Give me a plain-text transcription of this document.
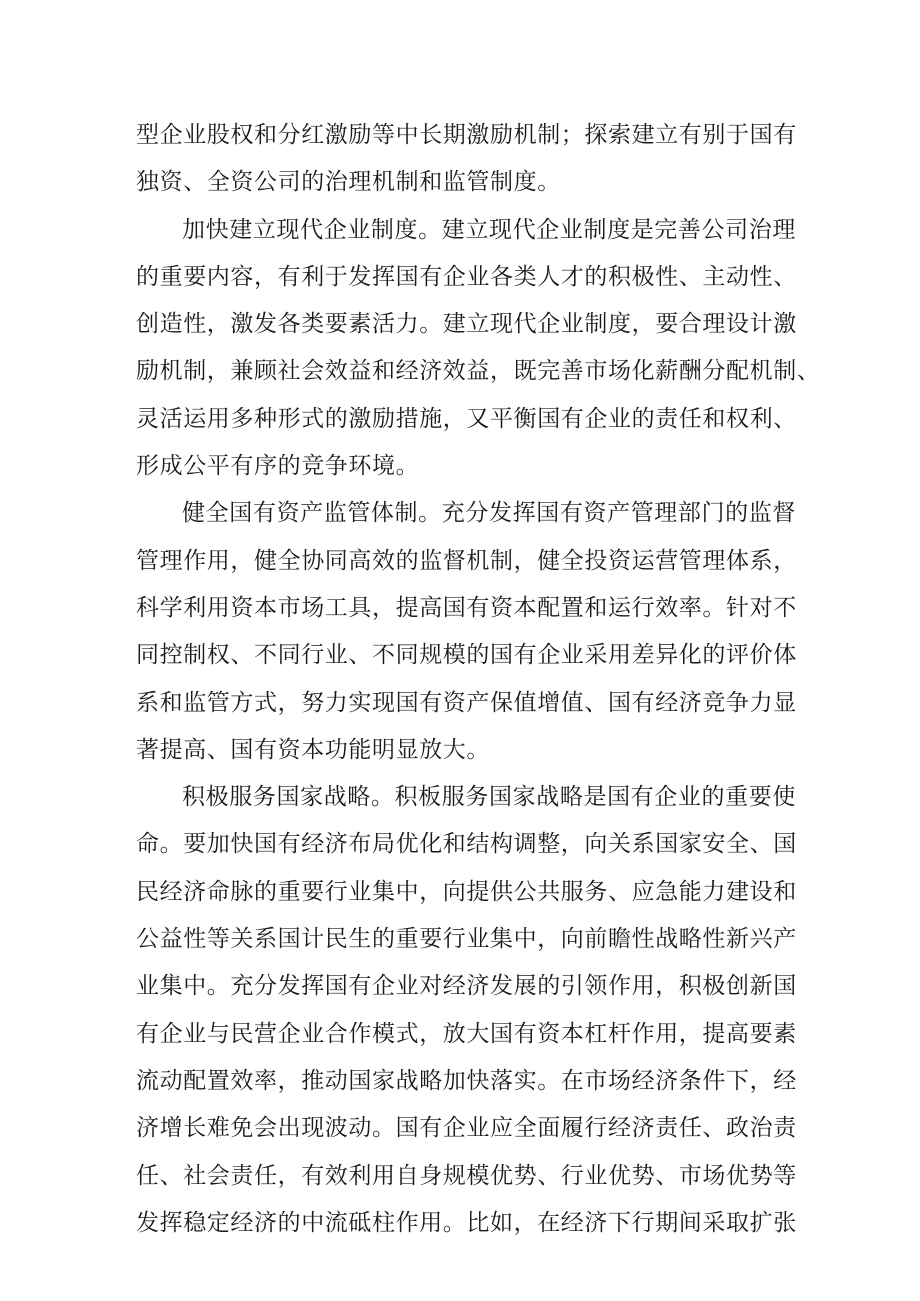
型企业股权和分红激励等中长期激励机制；探索建立有别于国有
独资、全资公司的治理机制和监管制度。
加快建立现代企业制度。建立现代企业制度是完善公司治理
的重要内容，有利于发挥国有企业各类人才的积极性、主动性、
创造性，激发各类要素活力。建立现代企业制度，要合理设计激
励机制，兼顾社会效益和经济效益，既完善市场化薪酬分配机制、
灵活运用多种形式的激励措施，又平衡国有企业的责任和权利、
形成公平有序的竞争环境。
健全国有资产监管体制。充分发挥国有资产管理部门的监督
管理作用，健全协同高效的监督机制，健全投资运营管理体系，
科学利用资本市场工具，提高国有资本配置和运行效率。针对不
同控制权、不同行业、不同规模的国有企业采用差异化的评价体
系和监管方式，努力实现国有资产保值增值、国有经济竞争力显
著提高、国有资本功能明显放大。
积极服务国家战略。积板服务国家战略是国有企业的重要使
命。要加快国有经济布局优化和结构调整，向关系国家安全、国
民经济命脉的重要行业集中，向提供公共服务、应急能力建设和
公益性等关系国计民生的重要行业集中，向前瞻性战略性新兴产
业集中。充分发挥国有企业对经济发展的引领作用，积极创新国
有企业与民营企业合作模式，放大国有资本杠杆作用，提高要素
流动配置效率，推动国家战略加快落实。在市场经济条件下，经
济增长难免会出现波动。国有企业应全面履行经济责任、政治责
任、社会责任，有效利用自身规模优势、行业优势、市场优势等
发挥稳定经济的中流砥柱作用。比如，在经济下行期间采取扩张
